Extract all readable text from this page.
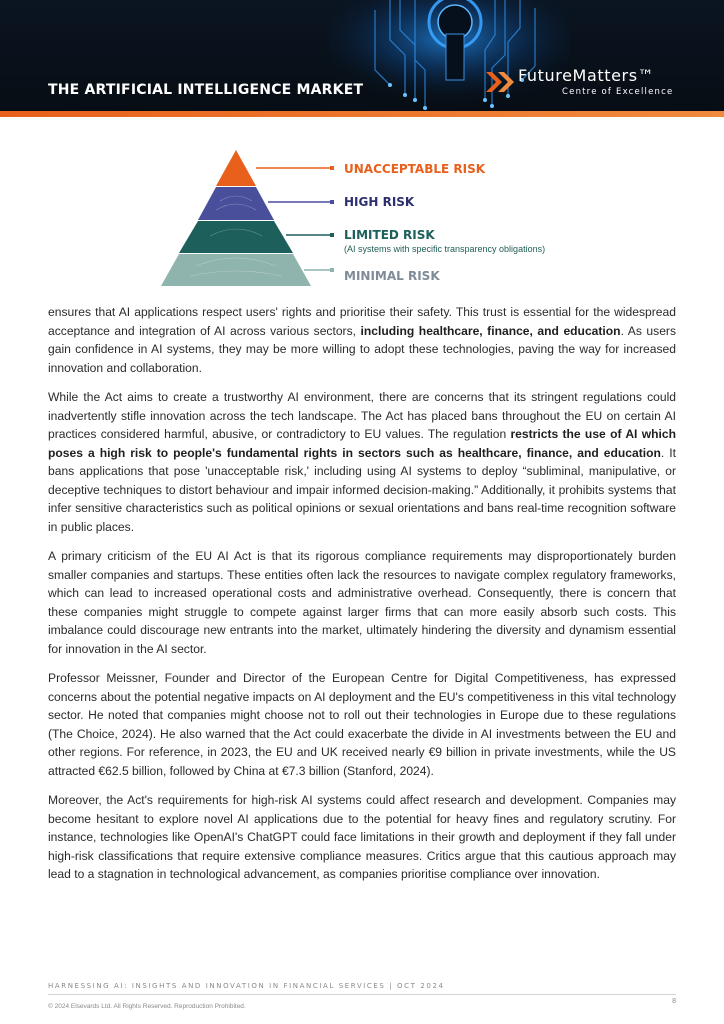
THE ARTIFICIAL INTELLIGENCE MARKET
FutureMatters™
Centre of Excellence
UNACCEPTABLE RISK
HIGH RISK
LIMITED RISK
(AI systems with specific transparency obligations)
MINIMAL RISK

ensures that AI applications respect users' rights and prioritise their safety. This trust is essential for the widespread acceptance and integration of AI across various sectors, including healthcare, finance, and education. As users gain confidence in AI systems, they may be more willing to adopt these technologies, paving the way for increased innovation and collaboration.

While the Act aims to create a trustworthy AI environment, there are concerns that its stringent regulations could inadvertently stifle innovation across the tech landscape. The Act has placed bans throughout the EU on certain AI practices considered harmful, abusive, or contradictory to EU values. The regulation restricts the use of AI which poses a high risk to people's fundamental rights in sectors such as healthcare, finance, and education. It bans applications that pose 'unacceptable risk,' including using AI systems to deploy “subliminal, manipulative, or deceptive techniques to distort behaviour and impair informed decision-making.” Additionally, it prohibits systems that infer sensitive characteristics such as political opinions or sexual orientations and bans real-time recognition software in public places.

A primary criticism of the EU AI Act is that its rigorous compliance requirements may disproportionately burden smaller companies and startups. These entities often lack the resources to navigate complex regulatory frameworks, which can lead to increased operational costs and administrative overhead. Consequently, there is concern that these companies might struggle to compete against larger firms that can more easily absorb such costs. This imbalance could discourage new entrants into the market, ultimately hindering the diversity and dynamism essential for innovation in the AI sector.

Professor Meissner, Founder and Director of the European Centre for Digital Competitiveness, has expressed concerns about the potential negative impacts on AI deployment and the EU's competitiveness in this vital technology sector. He noted that companies might choose not to roll out their technologies in Europe due to these regulations (The Choice, 2024). He also warned that the Act could exacerbate the divide in AI investments between the EU and other regions. For reference, in 2023, the EU and UK received nearly €9 billion in private investments, while the US attracted €62.5 billion, followed by China at €7.3 billion (Stanford, 2024).

Moreover, the Act's requirements for high-risk AI systems could affect research and development. Companies may become hesitant to explore novel AI applications due to the potential for heavy fines and regulatory scrutiny. For instance, technologies like OpenAI's ChatGPT could face limitations in their growth and deployment if they fall under high-risk classifications that require extensive compliance measures. Critics argue that this cautious approach may lead to a stagnation in technological advancement, as companies prioritise compliance over innovation.

HARNESSING AI: INSIGHTS AND INNOVATION IN FINANCIAL SERVICES | OCT 2024
© 2024 Elsevards Ltd. All Rights Reserved. Reproduction Prohibited.
8
